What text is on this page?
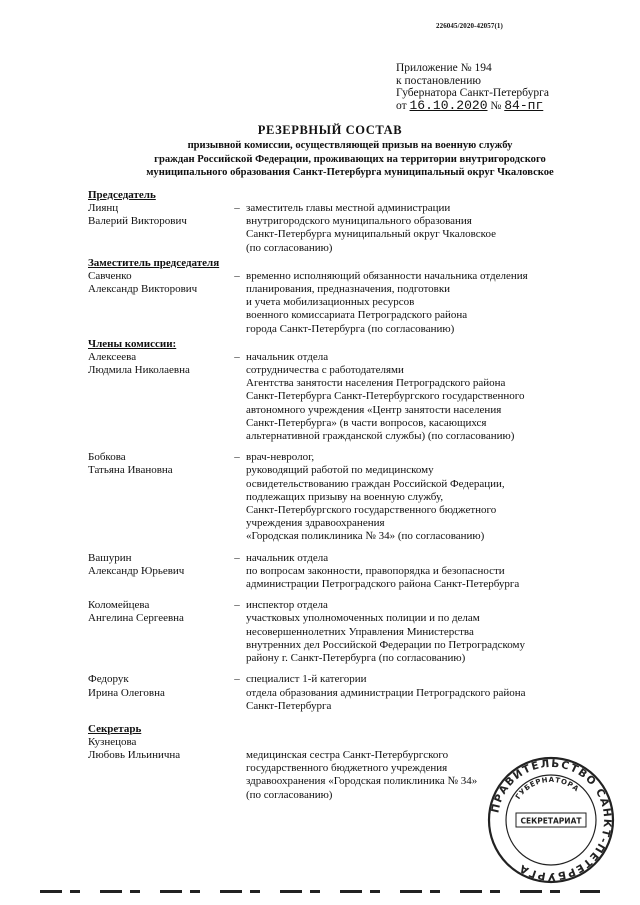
226045/2020-42057(1)
Приложение № 194
к постановлению
Губернатора Санкт-Петербурга
от 16.10.2020 № 84-пг
РЕЗЕРВНЫЙ СОСТАВ
призывной комиссии, осуществляющей призыв на военную службу
граждан Российской Федерации, проживающих на территории внутригородского
муниципального образования Санкт-Петербурга муниципальный округ Чкаловское
Председатель
Лиянц
Валерий Викторович
– заместитель главы местной администрации
внутригородского муниципального образования
Санкт-Петербурга муниципальный округ Чкаловское
(по согласованию)
Заместитель председателя
Савченко
Александр Викторович
– временно исполняющий обязанности начальника отделения
планирования, предназначения, подготовки
и учета мобилизационных ресурсов
военного комиссариата Петроградского района
города Санкт-Петербурга (по согласованию)
Члены комиссии:
Алексеева
Людмила Николаевна
– начальник отдела
сотрудничества с работодателями
Агентства занятости населения Петроградского района
Санкт-Петербурга Санкт-Петербургского государственного
автономного учреждения «Центр занятости населения
Санкт-Петербурга» (в части вопросов, касающихся
альтернативной гражданской службы) (по согласованию)
Бобкова
Татьяна Ивановна
– врач-невролог,
руководящий работой по медицинскому
освидетельствованию граждан Российской Федерации,
подлежащих призыву на военную службу,
Санкт-Петербургского государственного бюджетного
учреждения здравоохранения
«Городская поликлиника № 34» (по согласованию)
Вашурин
Александр Юрьевич
– начальник отдела
по вопросам законности, правопорядка и безопасности
администрации Петроградского района Санкт-Петербурга
Коломейцева
Ангелина Сергеевна
– инспектор отдела
участковых уполномоченных полиции и по делам
несовершеннолетних Управления Министерства
внутренних дел Российской Федерации по Петроградскому
району г. Санкт-Петербурга (по согласованию)
Федорук
Ирина Олеговна
– специалист 1-й категории
отдела образования администрации Петроградского района
Санкт-Петербурга
Секретарь
Кузнецова
Любовь Ильинична	медицинская сестра Санкт-Петербургского
государственного бюджетного учреждения
здравоохранения «Городская поликлиника № 34»
(по согласованию)
ПРАВИТЕЛЬСТВО САНКТ-ПЕТЕРБУРГА
ГУБЕРНАТОРА
СЕКРЕТАРИАТ
